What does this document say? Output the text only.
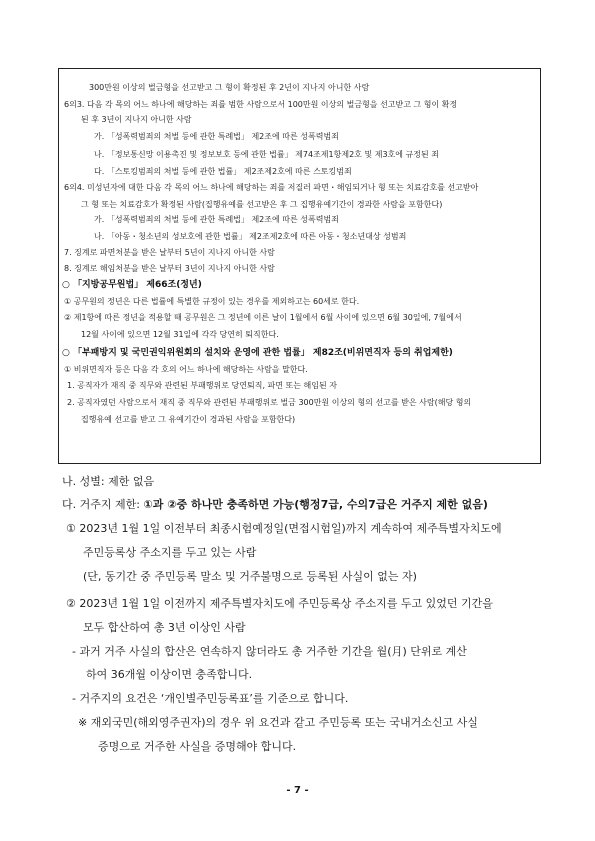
300만원 이상의 벌금형을 선고받고 그 형이 확정된 후 2년이 지나지 아니한 사람
6의3. 다음 각 목의 어느 하나에 해당하는 죄를 범한 사람으로서 100만원 이상의 벌금형을 선고받고 그 형이 확정
된 후 3년이 지나지 아니한 사람
가. 「성폭력범죄의 처벌 등에 관한 특례법」 제2조에 따른 성폭력범죄
나. 「정보통신망 이용촉진 및 정보보호 등에 관한 법률」 제74조제1항제2호 및 제3호에 규정된 죄
다. 「스토킹범죄의 처벌 등에 관한 법률」 제2조제2호에 따른 스토킹범죄
6의4. 미성년자에 대한 다음 각 목의 어느 하나에 해당하는 죄를 저질러 파면・해임되거나 형 또는 치료감호를 선고받아
그 형 또는 치료감호가 확정된 사람(집행유예를 선고받은 후 그 집행유예기간이 경과한 사람을 포함한다)
가. 「성폭력범죄의 처벌 등에 관한 특례법」 제2조에 따른 성폭력범죄
나. 「아동・청소년의 성보호에 관한 법률」 제2조제2호에 따른 아동・청소년대상 성범죄
7. 징계로 파면처분을 받은 날부터 5년이 지나지 아니한 사람
8. 징계로 해임처분을 받은 날부터 3년이 지나지 아니한 사람
○ 「지방공무원법」 제66조(정년)
① 공무원의 정년은 다른 법률에 특별한 규정이 있는 경우를 제외하고는 60세로 한다.
② 제1항에 따른 정년을 적용할 때 공무원은 그 정년에 이른 날이 1월에서 6월 사이에 있으면 6월 30일에, 7월에서
12월 사이에 있으면 12월 31일에 각각 당연히 퇴직한다.
○ 「부패방지 및 국민권익위원회의 설치와 운영에 관한 법률」 제82조(비위면직자 등의 취업제한)
① 비위면직자 등은 다음 각 호의 어느 하나에 해당하는 사람을 말한다.
1. 공직자가 재직 중 직무와 관련된 부패행위로 당연퇴직, 파면 또는 해임된 자
2. 공직자였던 사람으로서 재직 중 직무와 관련된 부패행위로 벌금 300만원 이상의 형의 선고를 받은 사람(해당 형의
집행유예 선고를 받고 그 유예기간이 경과된 사람을 포함한다)
나. 성별: 제한 없음
다. 거주지 제한: ①과 ②중 하나만 충족하면 가능(행정7급, 수의7급은 거주지 제한 없음)
① 2023년 1월 1일 이전부터 최종시험예정일(면접시험일)까지 계속하여 제주특별자치도에
주민등록상 주소지를 두고 있는 사람
(단, 동기간 중 주민등록 말소 및 거주불명으로 등록된 사실이 없는 자)
② 2023년 1월 1일 이전까지 제주특별자치도에 주민등록상 주소지를 두고 있었던 기간을
모두 합산하여 총 3년 이상인 사람
- 과거 거주 사실의 합산은 연속하지 않더라도 총 거주한 기간을 월(月) 단위로 계산
하여 36개월 이상이면 충족합니다.
- 거주지의 요건은 ‘개인별주민등록표’를 기준으로 합니다.
※ 재외국민(해외영주권자)의 경우 위 요건과 같고 주민등록 또는 국내거소신고 사실
증명으로 거주한 사실을 증명해야 합니다.
- 7 -
